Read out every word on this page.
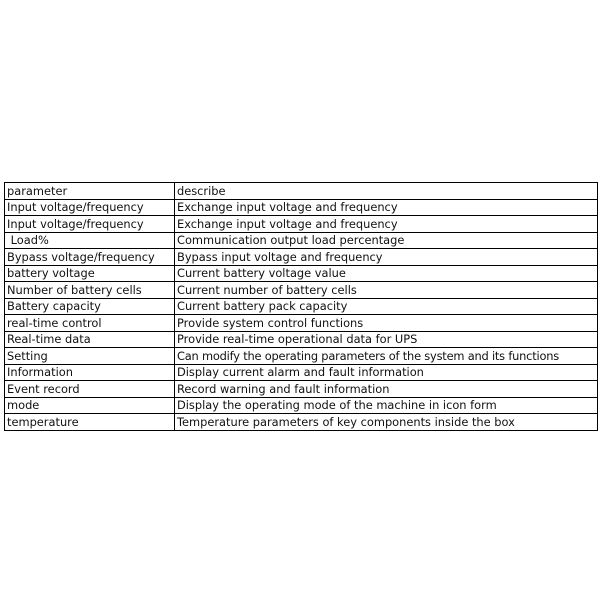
parameter	describe
Input voltage/frequency	Exchange input voltage and frequency
Input voltage/frequency	Exchange input voltage and frequency
Load%	Communication output load percentage
Bypass voltage/frequency	Bypass input voltage and frequency
battery voltage	Current battery voltage value
Number of battery cells	Current number of battery cells
Battery capacity	Current battery pack capacity
real-time control	Provide system control functions
Real-time data	Provide real-time operational data for UPS
Setting	Can modify the operating parameters of the system and its functions
Information	Display current alarm and fault information
Event record	Record warning and fault information
mode	Display the operating mode of the machine in icon form
temperature	Temperature parameters of key components inside the box
